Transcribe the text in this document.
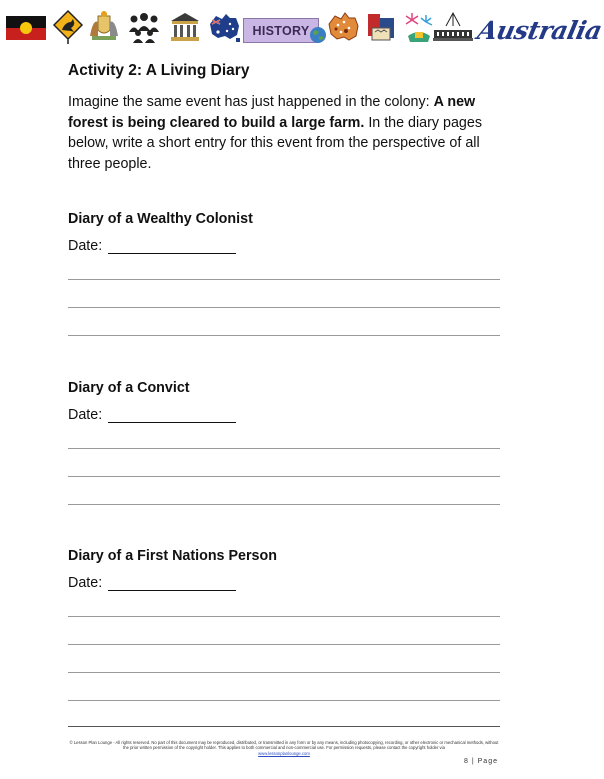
HISTORY	Australia
Activity 2: A Living Diary

Imagine the same event has just happened in the colony: A new forest is being cleared to build a large farm. In the diary pages below, write a short entry for this event from the perspective of all three people.

Diary of a Wealthy Colonist
Date:
Diary of a Convict
Date:
Diary of a First Nations Person
Date:
© Lesson Plan Lounge - All rights reserved. No part of this document may be reproduced, distributed, or transmitted in any form or by any means, including photocopying, recording, or other electronic or mechanical methods, without the prior written permission of the copyright holder. This applies to both commercial and non-commercial use. For permission requests, please contact the copyright holder via
www.lessonplanlounge.com
8 | Page
